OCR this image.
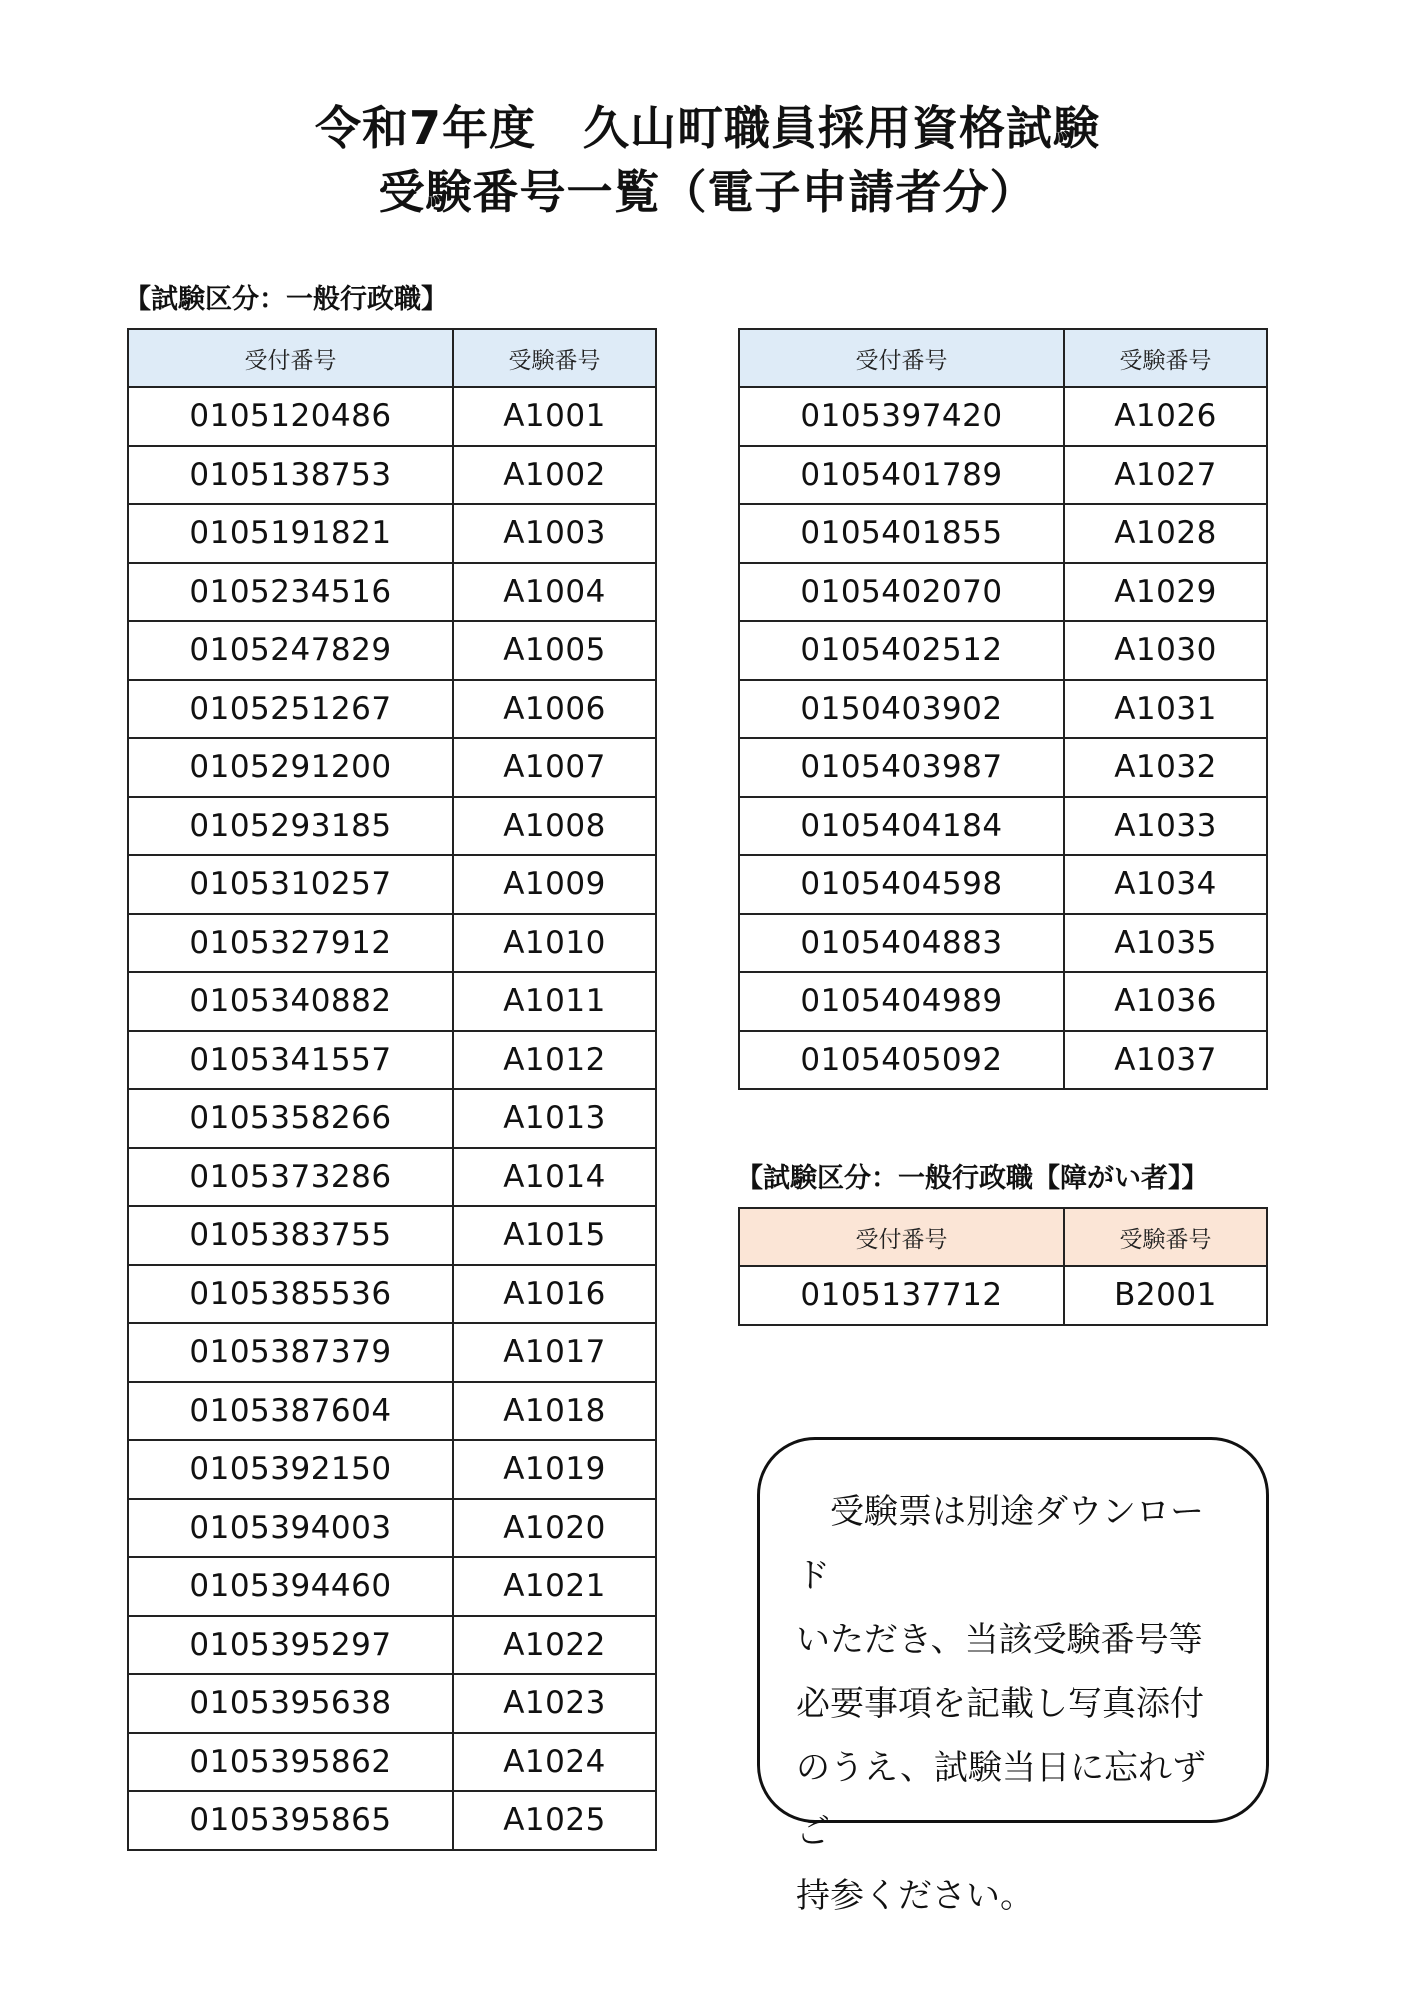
令和7年度　久山町職員採用資格試験
受験番号一覧（電子申請者分）
【試験区分：一般行政職】
受付番号	受験番号
0105120486	A1001
0105138753	A1002
0105191821	A1003
0105234516	A1004
0105247829	A1005
0105251267	A1006
0105291200	A1007
0105293185	A1008
0105310257	A1009
0105327912	A1010
0105340882	A1011
0105341557	A1012
0105358266	A1013
0105373286	A1014
0105383755	A1015
0105385536	A1016
0105387379	A1017
0105387604	A1018
0105392150	A1019
0105394003	A1020
0105394460	A1021
0105395297	A1022
0105395638	A1023
0105395862	A1024
0105395865	A1025
受付番号	受験番号
0105397420	A1026
0105401789	A1027
0105401855	A1028
0105402070	A1029
0105402512	A1030
0150403902	A1031
0105403987	A1032
0105404184	A1033
0105404598	A1034
0105404883	A1035
0105404989	A1036
0105405092	A1037
【試験区分：一般行政職【障がい者】】
受付番号	受験番号
0105137712	B2001

　受験票は別途ダウンロード

いただき、当該受験番号等

必要事項を記載し写真添付

のうえ、試験当日に忘れずご

持参ください。
